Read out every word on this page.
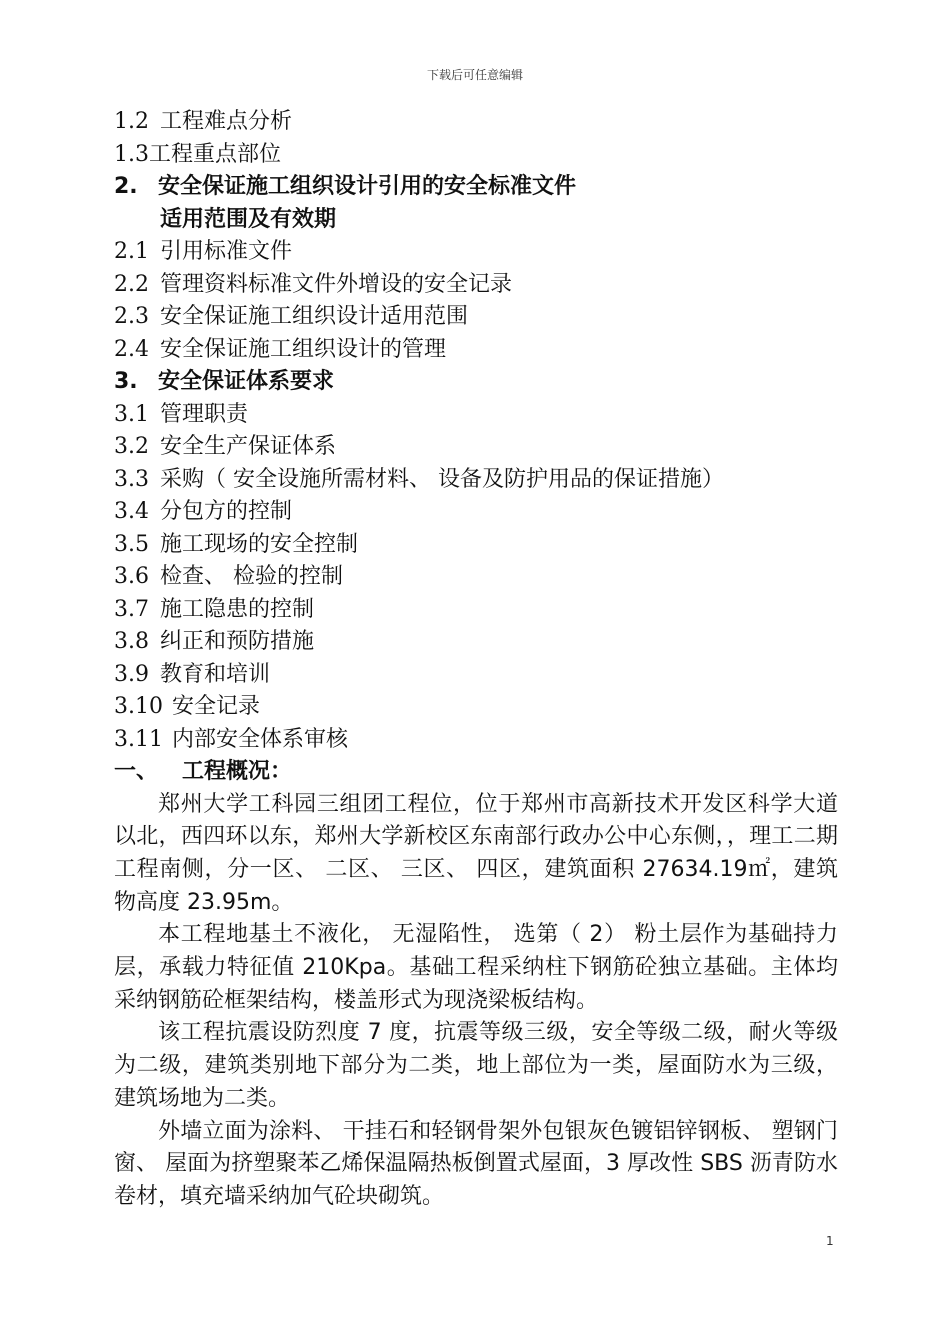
下载后可任意编辑
1.2 工程难点分析
1.3工程重点部位
2. 安全保证施工组织设计引用的安全标准文件
适用范围及有效期
2.1 引用标准文件
2.2 管理资料标准文件外增设的安全记录
2.3 安全保证施工组织设计适用范围
2.4 安全保证施工组织设计的管理
3. 安全保证体系要求
3.1 管理职责
3.2 安全生产保证体系
3.3 采购（ 安全设施所需材料、 设备及防护用品的保证措施）
3.4 分包方的控制
3.5 施工现场的安全控制
3.6 检查、 检验的控制
3.7 施工隐患的控制
3.8 纠正和预防措施
3.9 教育和培训
3.10 安全记录
3.11 内部安全体系审核
一、 工程概况：

郑州大学工科园三组团工程位，位于郑州市高新技术开发区科学大道以北，西四环以东，郑州大学新校区东南部行政办公中心东侧，，理工二期工程南侧，分一区、 二区、 三区、 四区，建筑面积 27634.19㎡，建筑物高度 23.95m。

本工程地基土不液化， 无湿陷性， 选第（ 2） 粉土层作为基础持力层，承载力特征值 210Kpa。基础工程采纳柱下钢筋砼独立基础。主体均采纳钢筋砼框架结构，楼盖形式为现浇梁板结构。

该工程抗震设防烈度 7 度，抗震等级三级，安全等级二级，耐火等级为二级，建筑类别地下部分为二类，地上部位为一类，屋面防水为三级，建筑场地为二类。

外墙立面为涂料、 干挂石和轻钢骨架外包银灰色镀铝锌钢板、 塑钢门窗、 屋面为挤塑聚苯乙烯保温隔热板倒置式屋面，3 厚改性 SBS 沥青防水卷材，填充墙采纳加气砼块砌筑。

1
